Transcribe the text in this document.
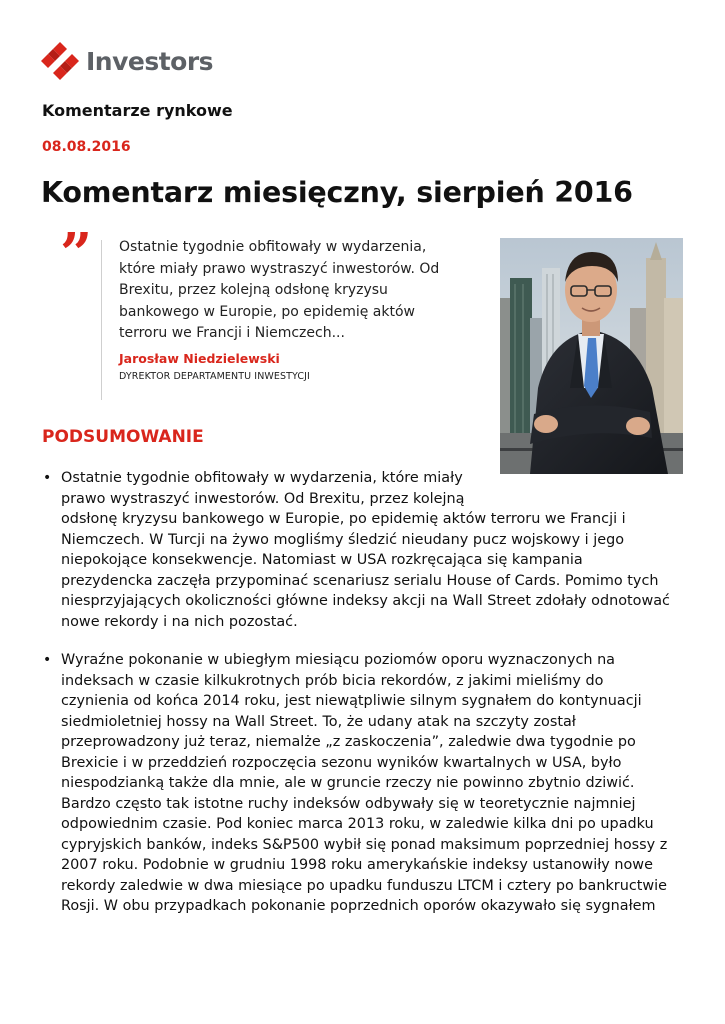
Investors
Komentarze rynkowe
08.08.2016
Komentarz miesięczny, sierpień 2016
” Ostatnie tygodnie obfitowały w wydarzenia,
które miały prawo wystraszyć inwestorów. Od
Brexitu, przez kolejną odsłonę kryzysu
bankowego w Europie, po epidemię aktów
terroru we Francji i Niemczech...
Jarosław Niedzielewski
DYREKTOR DEPARTAMENTU INWESTYCJI
PODSUMOWANIE
• Ostatnie tygodnie obfitowały w wydarzenia, które miały
prawo wystraszyć inwestorów. Od Brexitu, przez kolejną
odsłonę kryzysu bankowego w Europie, po epidemię aktów terroru we Francji i
Niemczech. W Turcji na żywo mogliśmy śledzić nieudany pucz wojskowy i jego
niepokojące konsekwencje. Natomiast w USA rozkręcająca się kampania
prezydencka zaczęła przypominać scenariusz serialu House of Cards. Pomimo tych
niesprzyjających okoliczności główne indeksy akcji na Wall Street zdołały odnotować
nowe rekordy i na nich pozostać.
• Wyraźne pokonanie w ubiegłym miesiącu poziomów oporu wyznaczonych na
indeksach w czasie kilkukrotnych prób bicia rekordów, z jakimi mieliśmy do
czynienia od końca 2014 roku, jest niewątpliwie silnym sygnałem do kontynuacji
siedmioletniej hossy na Wall Street. To, że udany atak na szczyty został
przeprowadzony już teraz, niemalże „z zaskoczenia”, zaledwie dwa tygodnie po
Brexicie i w przeddzień rozpoczęcia sezonu wyników kwartalnych w USA, było
niespodzianką także dla mnie, ale w gruncie rzeczy nie powinno zbytnio dziwić.
Bardzo często tak istotne ruchy indeksów odbywały się w teoretycznie najmniej
odpowiednim czasie. Pod koniec marca 2013 roku, w zaledwie kilka dni po upadku
cypryjskich banków, indeks S&P500 wybił się ponad maksimum poprzedniej hossy z
2007 roku. Podobnie w grudniu 1998 roku amerykańskie indeksy ustanowiły nowe
rekordy zaledwie w dwa miesiące po upadku funduszu LTCM i cztery po bankructwie
Rosji. W obu przypadkach pokonanie poprzednich oporów okazywało się sygnałem
